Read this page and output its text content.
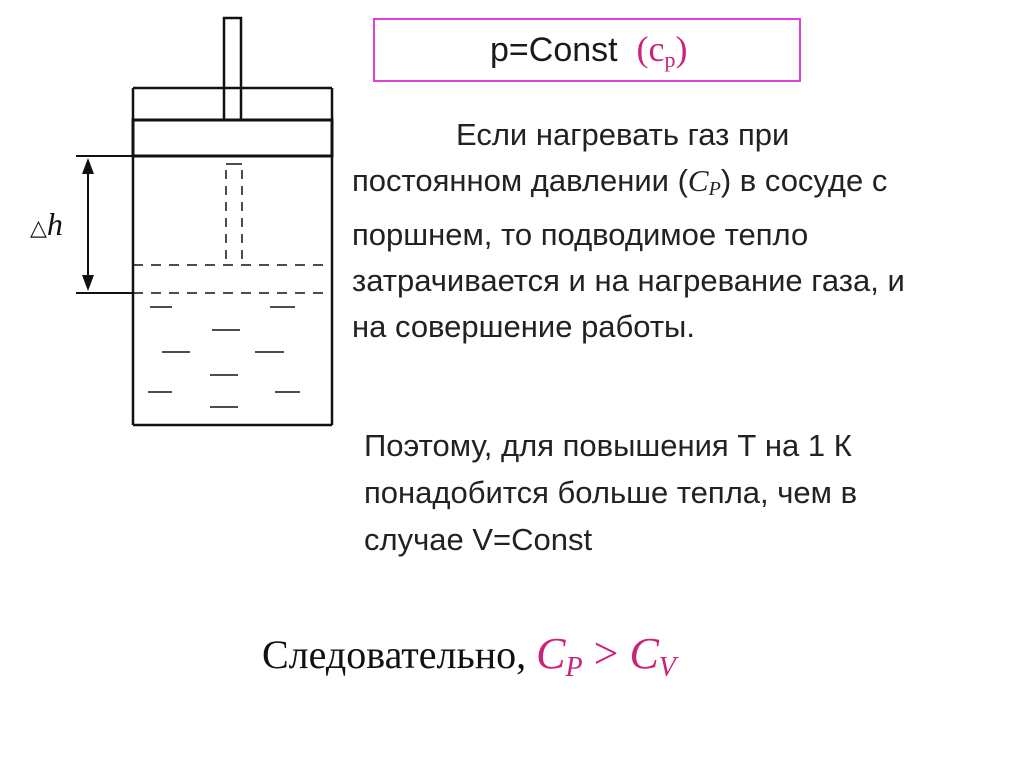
△h
p=Const $(c_p)$
Если нагревать газ при
постоянном давлении $(C_P)$ в сосуде с
поршнем, то подводимое тепло
затрачивается и на нагревание газа, и
на совершение работы.
Поэтому, для повышения Т на 1 К
понадобится больше тепла, чем в
случае V=Const
Следовательно, $C_P > C_V$
